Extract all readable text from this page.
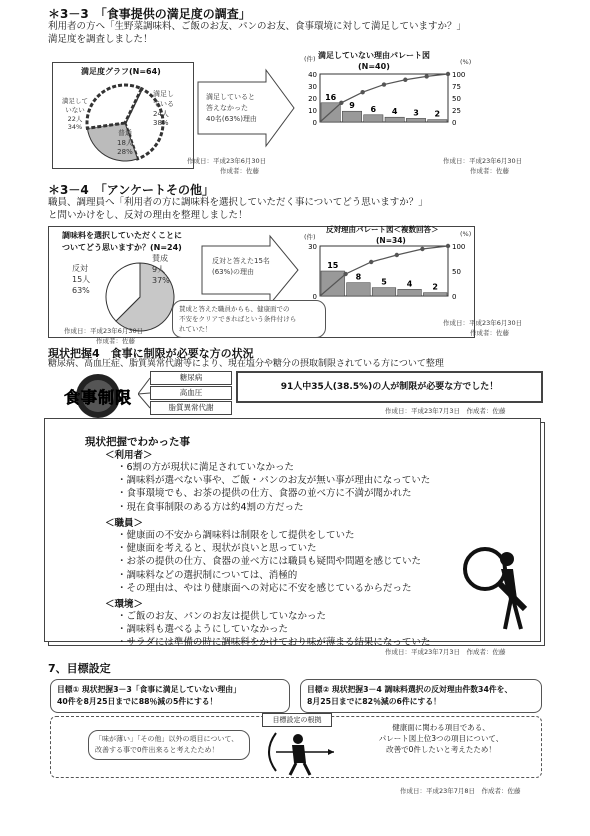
＊3－3　「食事提供の満足度の調査」
利用者の方へ「生野菜調味料、ご飯のお友、パンのお友、食事環境に対して満足していますか？」
満足度を調査しました！
満足度グラフ(N=64)
満足して
いない
22人
34%
満足し
ている
24人
38%
普通
18人
28%
満足していると
答えなかった
40名(63%)理由
作成日：平成23年6月30日
作成者：佐藤
満足していない理由パレート図
(N=40)
(件)	(%)
40
30
20
10
0
100
75
50
25
0
16
9 6 4 3 2
作成日：平成23年6月30日
作成者：佐藤
＊3－4　「アンケートその他」
職員、調理員へ「利用者の方に調味料を選択していただく事についてどう思いますか？」
と問いかけをし、反対の理由を整理しました！
調味料を選択していただくことに
ついてどう思いますか？(N=24)
反対
15人
63%
賛成
9人
37%
反対と答えた15名
(63%)の理由
賛成と答えた職員からも、健康面での
不安をクリアできればという条件付けら
れていた！
作成日：平成23年6月30日
作成者：佐藤
反対理由パレート図＜複数回答＞
(N=34)
(件)	(%)
30
0
100
50
0
15
8
5	4	2
作成日：平成23年6月30日
作成者：佐藤
現状把握4　食事に制限が必要な方の状況
糖尿病、高血圧症、脂質異常代謝等により、現在塩分や糖分の摂取制限されている方について整理
食事制限
糖尿病
高血圧
脂質異常代謝
91人中35人(38.5%)の人が制限が必要な方でした！
作成日：平成23年7月3日　作成者：佐藤
現状把握でわかった事
＜利用者＞
・6割の方が現状に満足されていなかった
・調味料が選べない事や、ご飯・パンのお友が無い事が理由になっていた
・食事環境でも、お茶の提供の仕方、食器の並べ方に不満が聞かれた
・現在食事制限のある方は約4割の方だった
＜職員＞
・健康面の不安から調味料は制限をして提供をしていた
・健康面を考えると、現状が良いと思っていた
・お茶の提供の仕方、食器の並べ方には職員も疑問や問題を感じていた
・調味料などの選択制については、消極的
・その理由は、やはり健康面への対応に不安を感じているからだった
＜環境＞
・ご飯のお友、パンのお友は提供していなかった
・調味料も選べるようにしていなかった
・サラダには準備の時に調味料をかけており味が薄まる結果になっていた
作成日：平成23年7月3日　作成者：佐藤
7、目標設定
目標① 現状把握3－3「食事に満足していない理由」
40件を8月25日までに88％減の5件にする！
目標② 現状把握3－4 調味料選択の反対理由件数34件を、
8月25日までに82％減の6件にする！
目標設定の根拠
「味が薄い」「その他」以外の項目について、
改善する事で0件出来ると考えたため！
健康面に関わる項目である、
パレート図上位3つの項目について、
改善で0件したいと考えたため！
作成日：平成23年7月8日　作成者：佐藤
